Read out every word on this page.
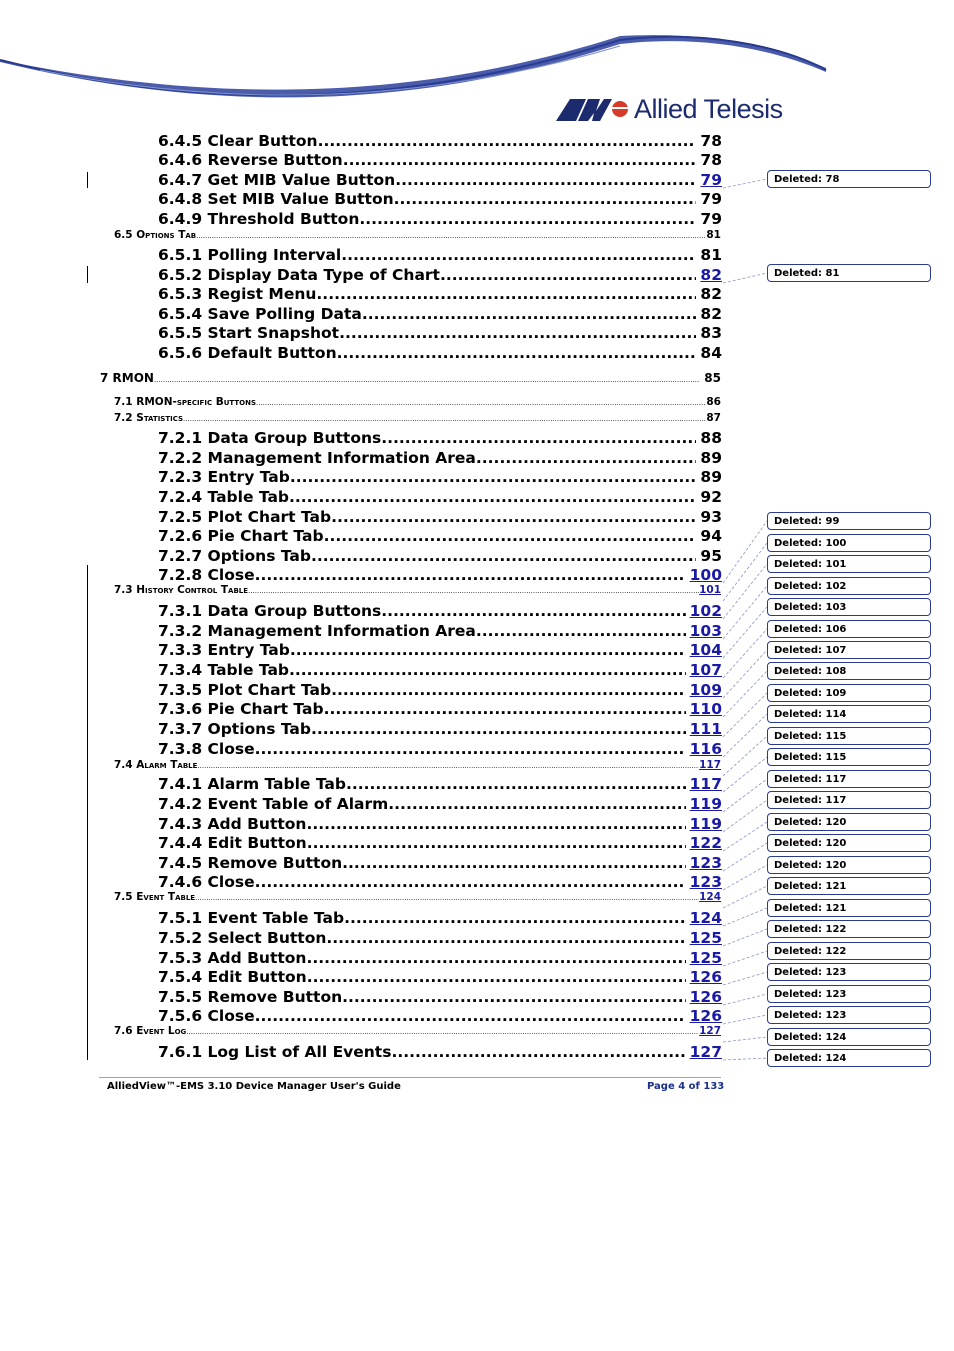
Allied Telesis
6.4.5 Clear Button .....	78
6.4.6 Reverse Button .....	78
6.4.7 Get MIB Value Button .....	79
6.4.8 Set MIB Value Button .....	79
6.4.9 Threshold Button .....	79
6.5 Options Tab .....	81
6.5.1 Polling Interval .....	81
6.5.2 Display Data Type of Chart .....	82
6.5.3 Regist Menu .....	82
6.5.4 Save Polling Data .....	82
6.5.5 Start Snapshot .....	83
6.5.6 Default Button .....	84
7 RMON .....	85
7.1 RMON-specific Buttons .....	86
7.2 Statistics .....	87
7.2.1 Data Group Buttons .....	88
7.2.2 Management Information Area .....	89
7.2.3 Entry Tab .....	89
7.2.4 Table Tab .....	92
7.2.5 Plot Chart Tab .....	93
7.2.6 Pie Chart Tab .....	94
7.2.7 Options Tab .....	95
7.2.8 Close .....	100
7.3 History Control Table .....	101
7.3.1 Data Group Buttons .....	102
7.3.2 Management Information Area .....	103
7.3.3 Entry Tab .....	104
7.3.4 Table Tab .....	107
7.3.5 Plot Chart Tab .....	109
7.3.6 Pie Chart Tab .....	110
7.3.7 Options Tab .....	111
7.3.8 Close .....	116
7.4 Alarm Table .....	117
7.4.1 Alarm Table Tab .....	117
7.4.2 Event Table of Alarm .....	119
7.4.3 Add Button .....	119
7.4.4 Edit Button .....	122
7.4.5 Remove Button .....	123
7.4.6 Close .....	123
7.5 Event Table .....	124
7.5.1 Event Table Tab .....	124
7.5.2 Select Button .....	125
7.5.3 Add Button .....	125
7.5.4 Edit Button .....	126
7.5.5 Remove Button .....	126
7.5.6 Close .....	126
7.6 Event Log .....	127
7.6.1 Log List of All Events .....	127
Deleted: 78
Deleted: 81
Deleted: 99
Deleted: 100
Deleted: 101
Deleted: 102
Deleted: 103
Deleted: 106
Deleted: 107
Deleted: 108
Deleted: 109
Deleted: 114
Deleted: 115
Deleted: 115
Deleted: 117
Deleted: 117
Deleted: 120
Deleted: 120
Deleted: 120
Deleted: 121
Deleted: 121
Deleted: 122
Deleted: 122
Deleted: 123
Deleted: 123
Deleted: 123
Deleted: 124
Deleted: 124
AlliedView™-EMS 3.10 Device Manager User's Guide	Page 4 of 133
